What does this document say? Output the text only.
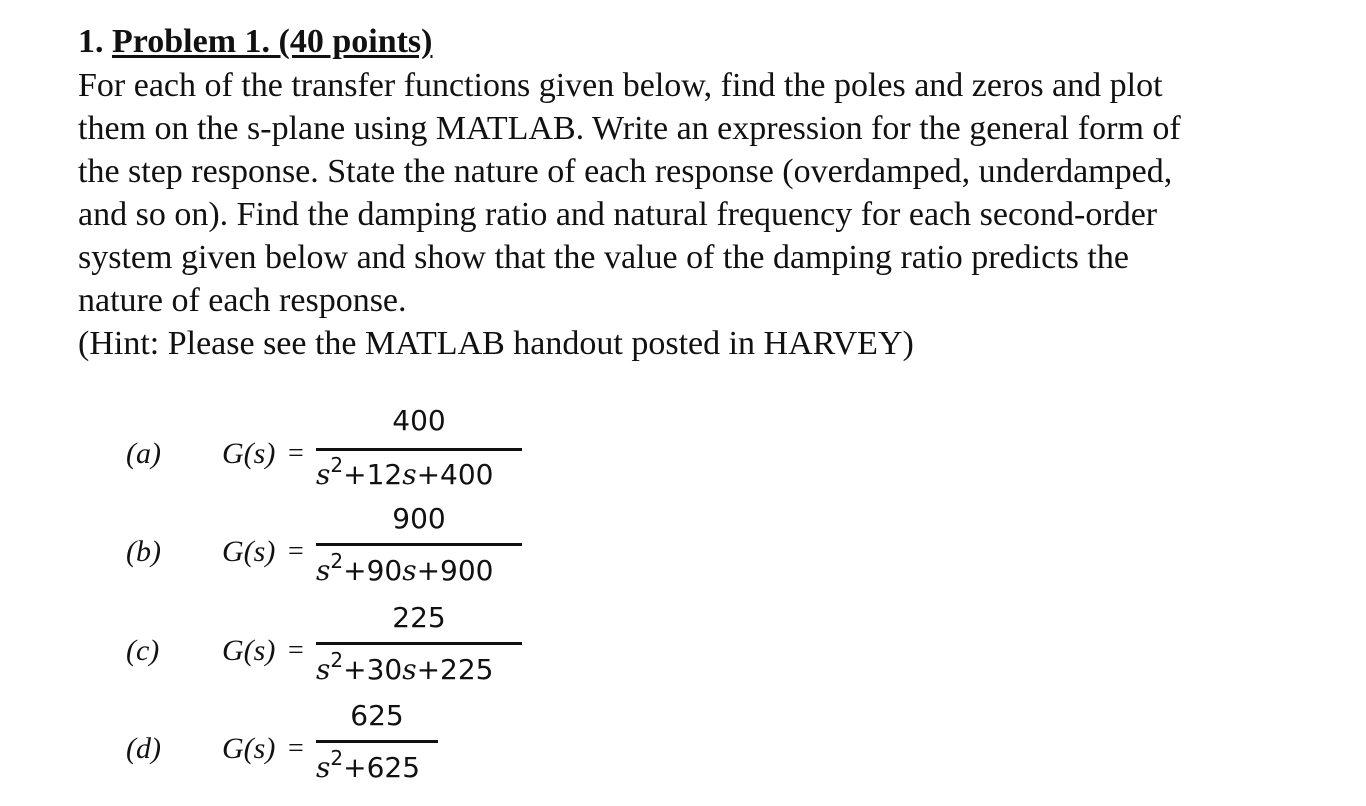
1. Problem 1. (40 points)
For each of the transfer functions given below, find the poles and zeros and plot
them on the s-plane using MATLAB. Write an expression for the general form of
the step response. State the nature of each response (overdamped, underdamped,
and so on). Find the damping ratio and natural frequency for each second-order
system given below and show that the value of the damping ratio predicts the
nature of each response.
(Hint: Please see the MATLAB handout posted in HARVEY)
400
(a) G(s) =
$s^2+12s+400$
900
(b) G(s) =
$s^2+90s+900$
225
(c) G(s) =
$s^2+30s+225$
625
(d) G(s) =
$s^2+625$
